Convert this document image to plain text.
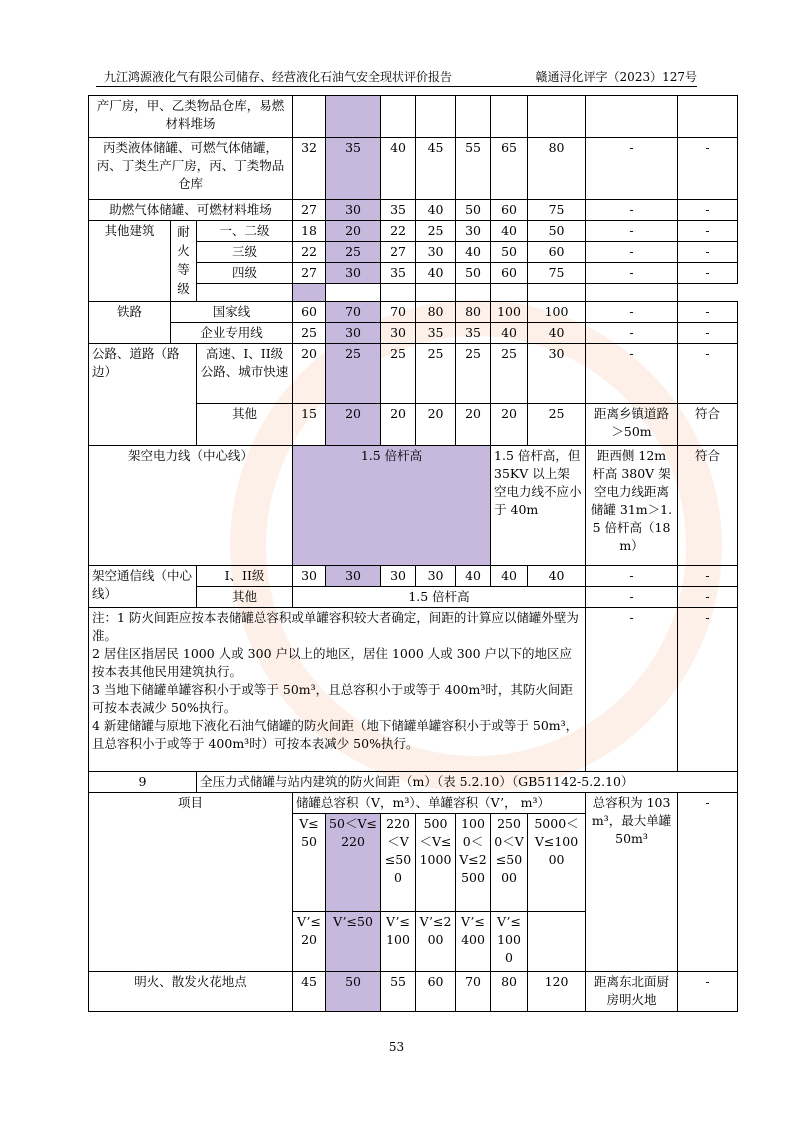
九江鸿源液化气有限公司储存、经营液化石油气安全现状评价报告	赣通浔化评字（2023）127号
产厂房，甲、乙类物品仓库，易燃材料堆场											
丙类液体储罐、可燃气体储罐，丙、丁类生产厂房，丙、丁类物品仓库			32	35	40	45	55	65	80	-	-
助燃气体储罐、可燃材料堆场			27	30	35	40	50	60	75	-	-
其他建筑	耐火等级	一、二级	18	20	22	25	30	40	50	-	-
		三级	22	25	27	30	40	50	60	-	-
		四级	27	30	35	40	50	60	75	-	-

铁路	国家线		60	70	70	80	80	100	100	-	-
	企业专用线		25	30	30	35	35	40	40	-	-
公路、道路（路边）		高速、I、II级公路、城市快速	20	25	25	25	25	25	30	-	-
		其他	15	20	20	20	20	20	25	距离乡镇道路＞50m	符合
架空电力线（中心线）			1.5 倍杆高					1.5 倍杆高，但 35KV 以上架空电力线不应小于 40m		距西侧 12m 杆高 380V 架空电力线距离储罐 31m＞1.5 倍杆高（18m）	符合
架空通信线（中心线）		I、II级	30	30	30	30	40	40	40	-	-
		其他	1.5 倍杆高							-	-

注：1 防火间距应按本表储罐总容积或单罐容积较大者确定，间距的计算应以储罐外壁为准。
2 居住区指居民 1000 人或 300 户以上的地区，居住 1000 人或 300 户以下的地区应按本表其他民用建筑执行。
3 当地下储罐单罐容积小于或等于 50m³，且总容积小于或等于 400m³时，其防火间距可按本表减少 50%执行。
4 新建储罐与原地下液化石油气储罐的防火间距（地下储罐单罐容积小于或等于 50m³，且总容积小于或等于 400m³时）可按本表减少 50%执行。										-	-
9		全压力式储罐与站内建筑的防火间距（m）（表 5.2.10）（GB51142-5.2.10）									
项目			储罐总容积（V，m³）、单罐容积（V’， m³）							总容积为 103m³，最大单罐 50m³	-
			V≤50	50＜V≤220	220＜V≤500	500＜V≤1000	1000＜V≤2500	2500＜V≤5000	5000＜V≤10000		
			V’≤20	V’≤50	V’≤100	V’≤200	V’≤400	V’≤1000			
明火、散发火花地点			45	50	55	60	70	80	120	距离东北面厨房明火地	-
53
